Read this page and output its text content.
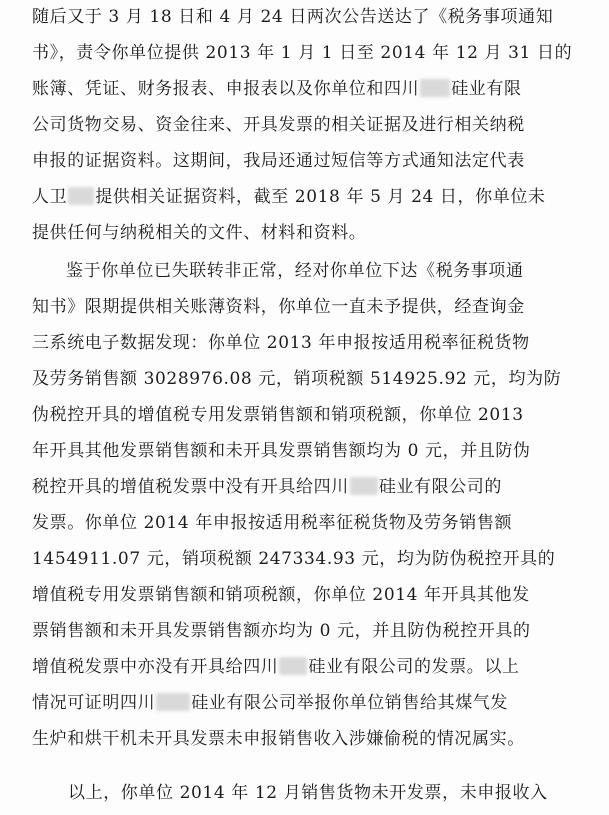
随后又于 3 月 18 日和 4 月 24 日两次公告送达了《税务事项通知
书》，责令你单位提供 2013 年 1 月 1 日至 2014 年 12 月 31 日的
账簿、凭证、财务报表、申报表以及你单位和四川 硅业有限
公司货物交易、资金往来、开具发票的相关证据及进行相关纳税
申报的证据资料。这期间，我局还通过短信等方式通知法定代表
人卫 提供相关证据资料，截至 2018 年 5 月 24 日，你单位未
提供任何与纳税相关的文件、材料和资料。
鉴于你单位已失联转非正常，经对你单位下达《税务事项通
知书》限期提供相关账薄资料，你单位一直未予提供，经查询金
三系统电子数据发现：你单位 2013 年申报按适用税率征税货物
及劳务销售额 3028976.08 元，销项税额 514925.92 元，均为防
伪税控开具的增值税专用发票销售额和销项税额，你单位 2013
年开具其他发票销售额和未开具发票销售额均为 0 元，并且防伪
税控开具的增值税发票中没有开具给四川 硅业有限公司的
发票。你单位 2014 年申报按适用税率征税货物及劳务销售额
1454911.07 元，销项税额 247334.93 元，均为防伪税控开具的
增值税专用发票销售额和销项税额，你单位 2014 年开具其他发
票销售额和未开具发票销售额亦均为 0 元，并且防伪税控开具的
增值税发票中亦没有开具给四川 硅业有限公司的发票。以上
情况可证明四川 硅业有限公司举报你单位销售给其煤气发
生炉和烘干机未开具发票未申报销售收入涉嫌偷税的情况属实。
以上，你单位 2014 年 12 月销售货物未开发票，未申报收入
